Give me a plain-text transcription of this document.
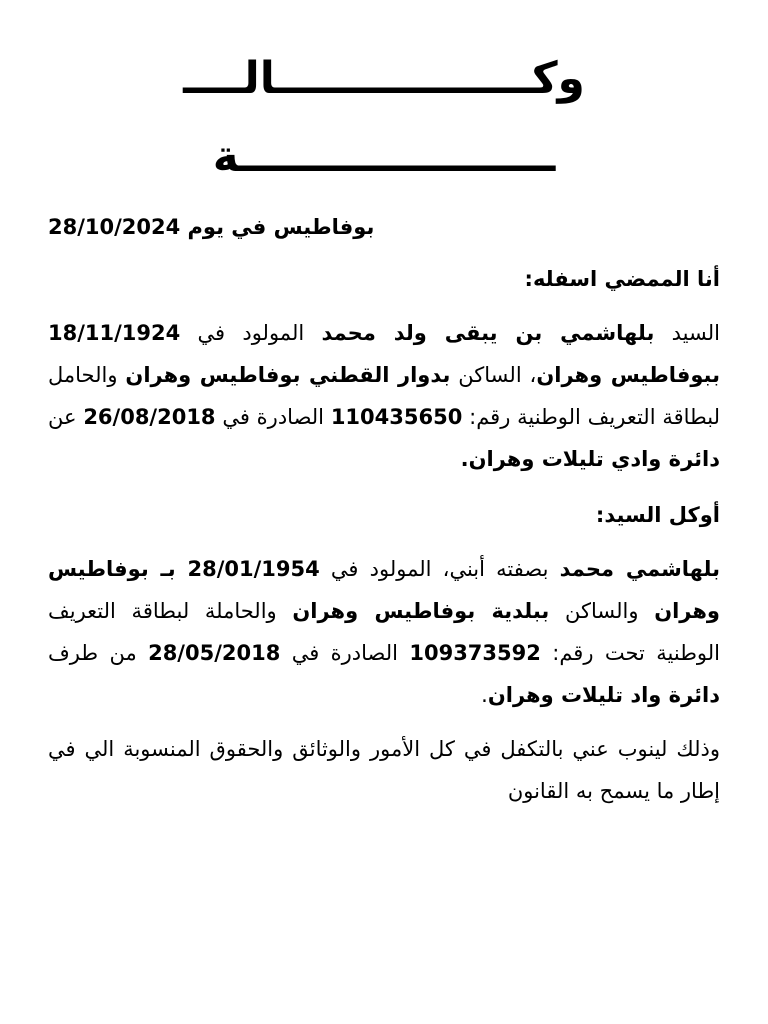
وكـــــــــــــــــالــــ
ـــــــــــــــــــــة
بوفاطيس في يوم 28/10/2024

أنا الممضي اسفله:

السيد بلهاشمي بن يبقى ولد محمد المولود في 18/11/1924 ببوفاطيس وهران، الساكن بدوار القطني بوفاطيس وهران والحامل لبطاقة التعريف الوطنية رقم: 110435650 الصادرة في 26/08/2018 عن دائرة وادي تليلات وهران.

أوكل السيد:

بلهاشمي محمد بصفته أبني، المولود في 28/01/1954 بـ بوفاطيس وهران والساكن ببلدية بوفاطيس وهران والحاملة لبطاقة التعريف الوطنية تحت رقم: 109373592 الصادرة في 28/05/2018 من طرف دائرة واد تليلات وهران.

وذلك لينوب عني بالتكفل في كل الأمور والوثائق والحقوق المنسوبة الي في إطار ما يسمح به القانون
